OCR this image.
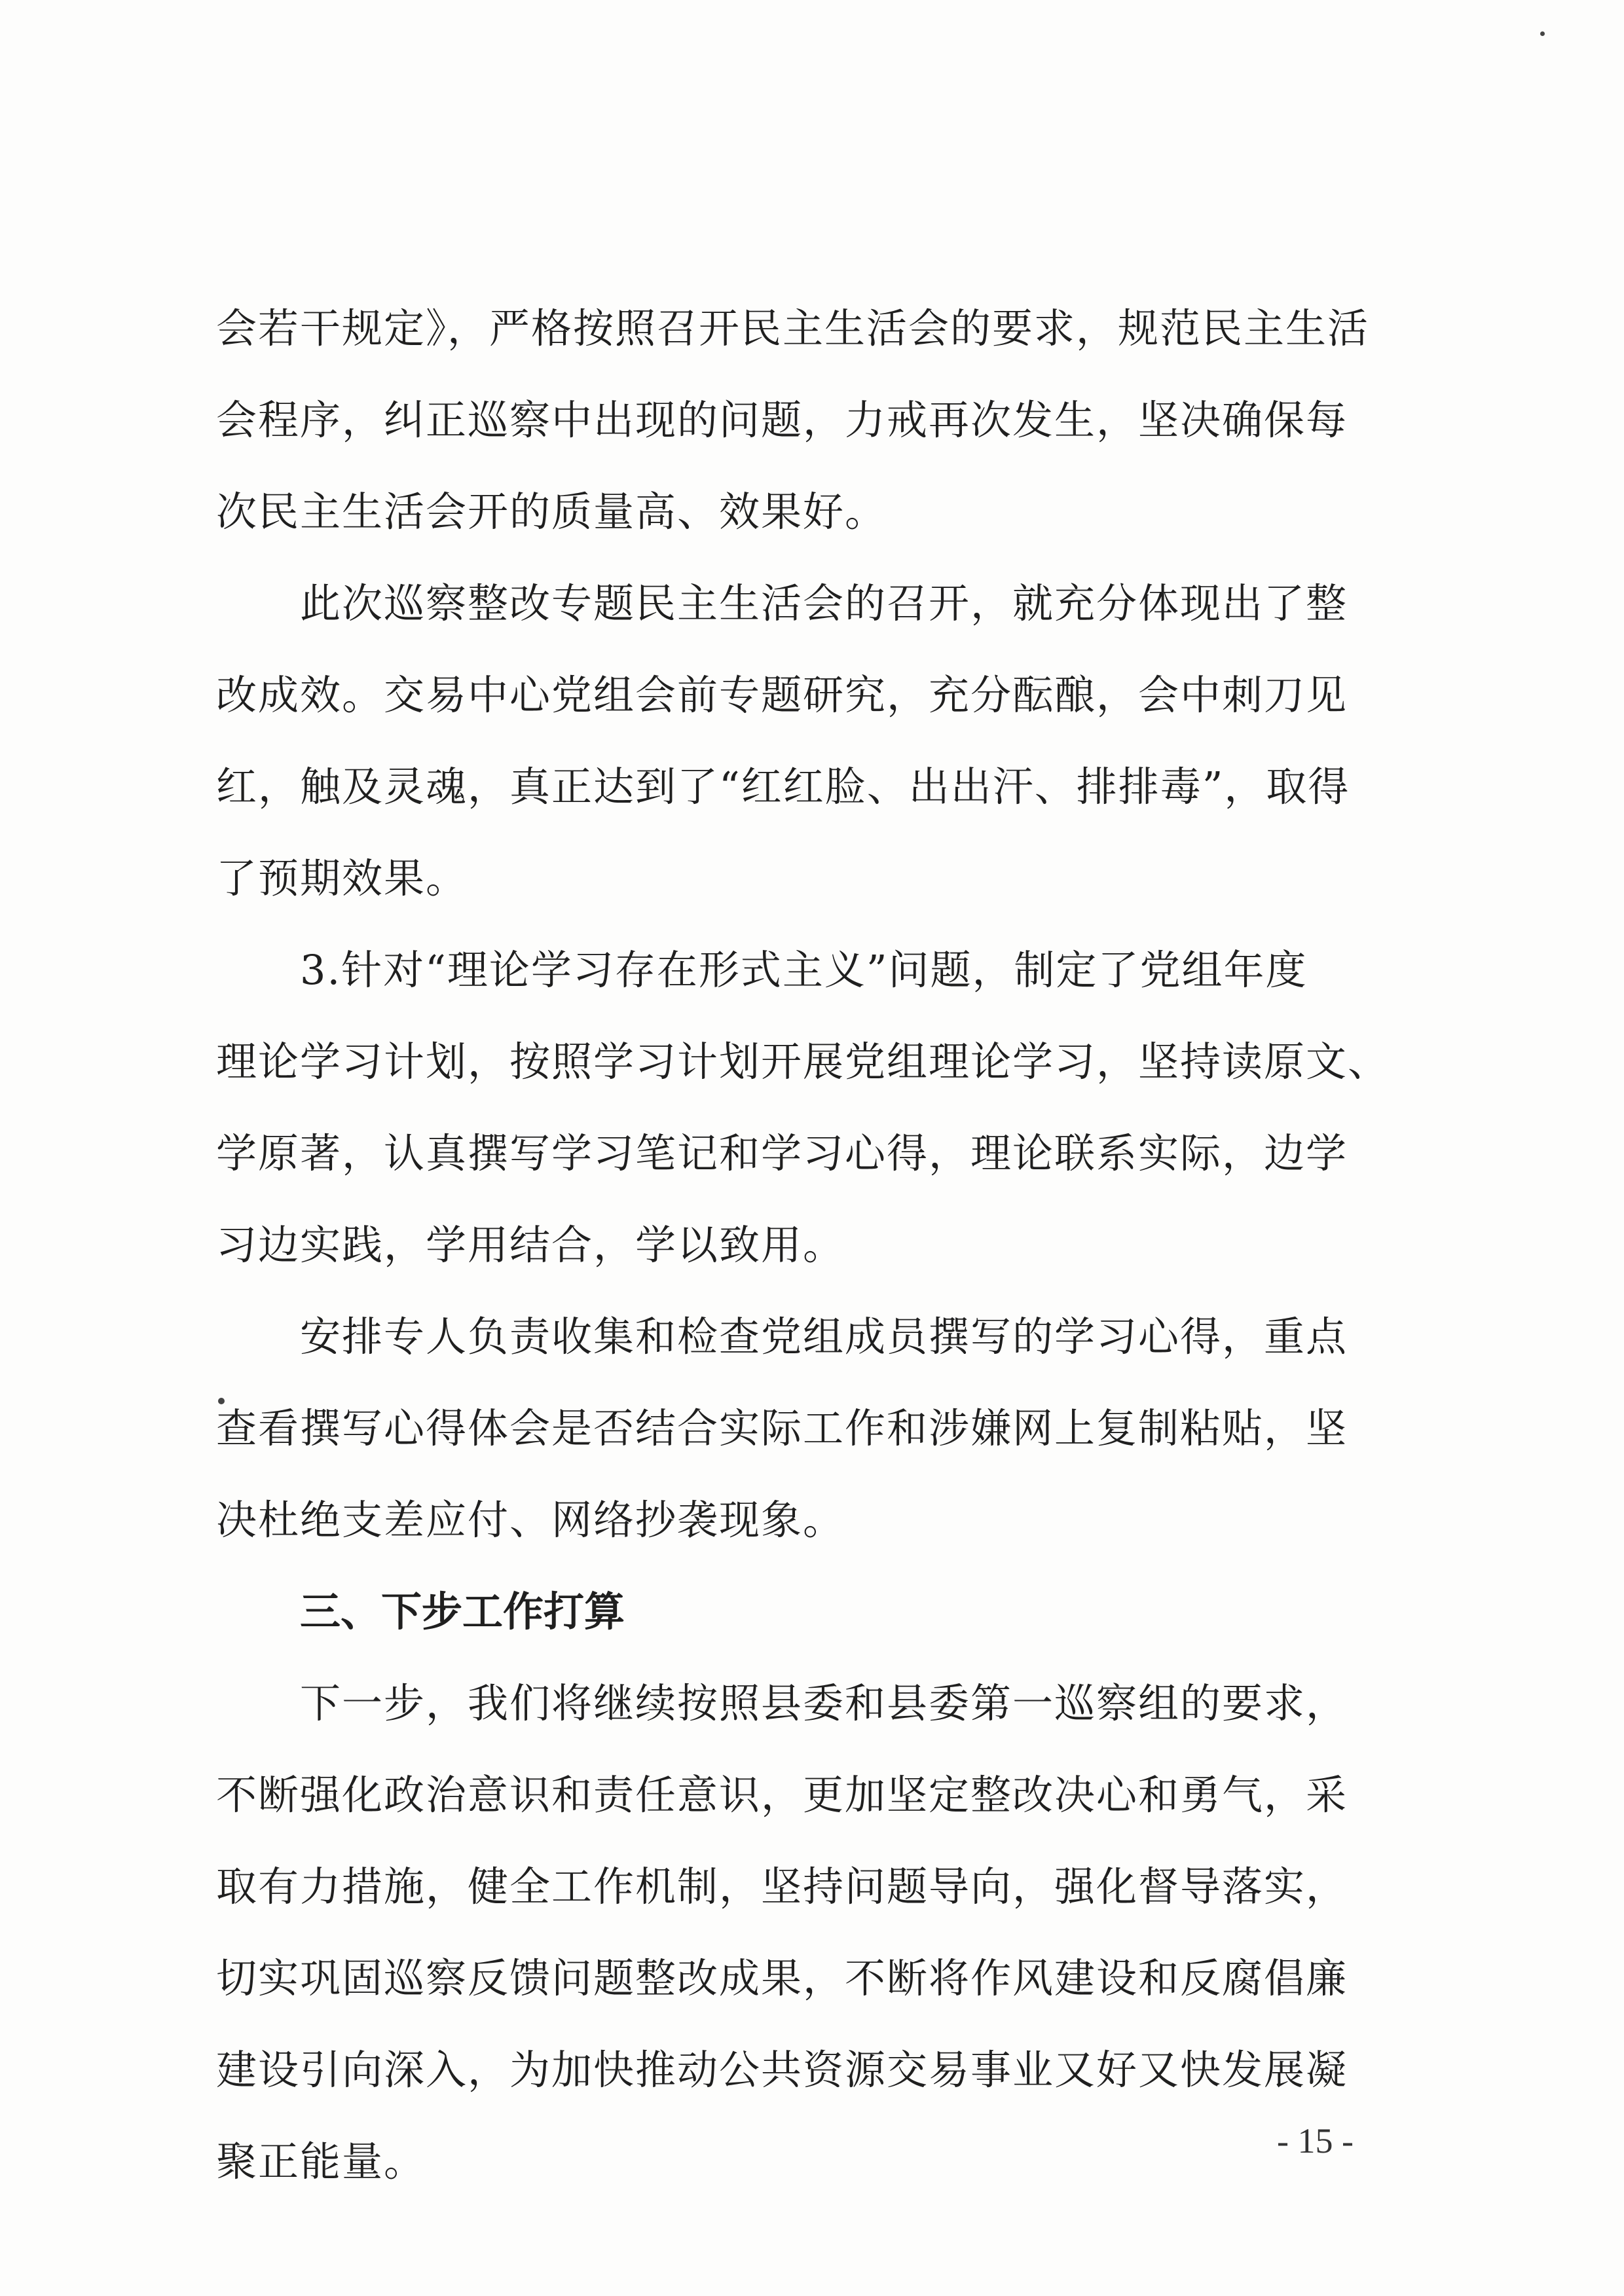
会若干规定》，严格按照召开民主生活会的要求，规范民主生活
会程序，纠正巡察中出现的问题，力戒再次发生，坚决确保每
次民主生活会开的质量高、效果好。
此次巡察整改专题民主生活会的召开，就充分体现出了整
改成效。交易中心党组会前专题研究，充分酝酿，会中刺刀见
红，触及灵魂，真正达到了“红红脸、出出汗、排排毒”，取得
了预期效果。
3.针对“理论学习存在形式主义”问题，制定了党组年度
理论学习计划，按照学习计划开展党组理论学习，坚持读原文、
学原著，认真撰写学习笔记和学习心得，理论联系实际，边学
习边实践，学用结合，学以致用。
安排专人负责收集和检查党组成员撰写的学习心得，重点
查看撰写心得体会是否结合实际工作和涉嫌网上复制粘贴，坚
决杜绝支差应付、网络抄袭现象。
三、下步工作打算
下一步，我们将继续按照县委和县委第一巡察组的要求，
不断强化政治意识和责任意识，更加坚定整改决心和勇气，采
取有力措施，健全工作机制，坚持问题导向，强化督导落实，
切实巩固巡察反馈问题整改成果，不断将作风建设和反腐倡廉
建设引向深入，为加快推动公共资源交易事业又好又快发展凝
聚正能量。	- 15 -
